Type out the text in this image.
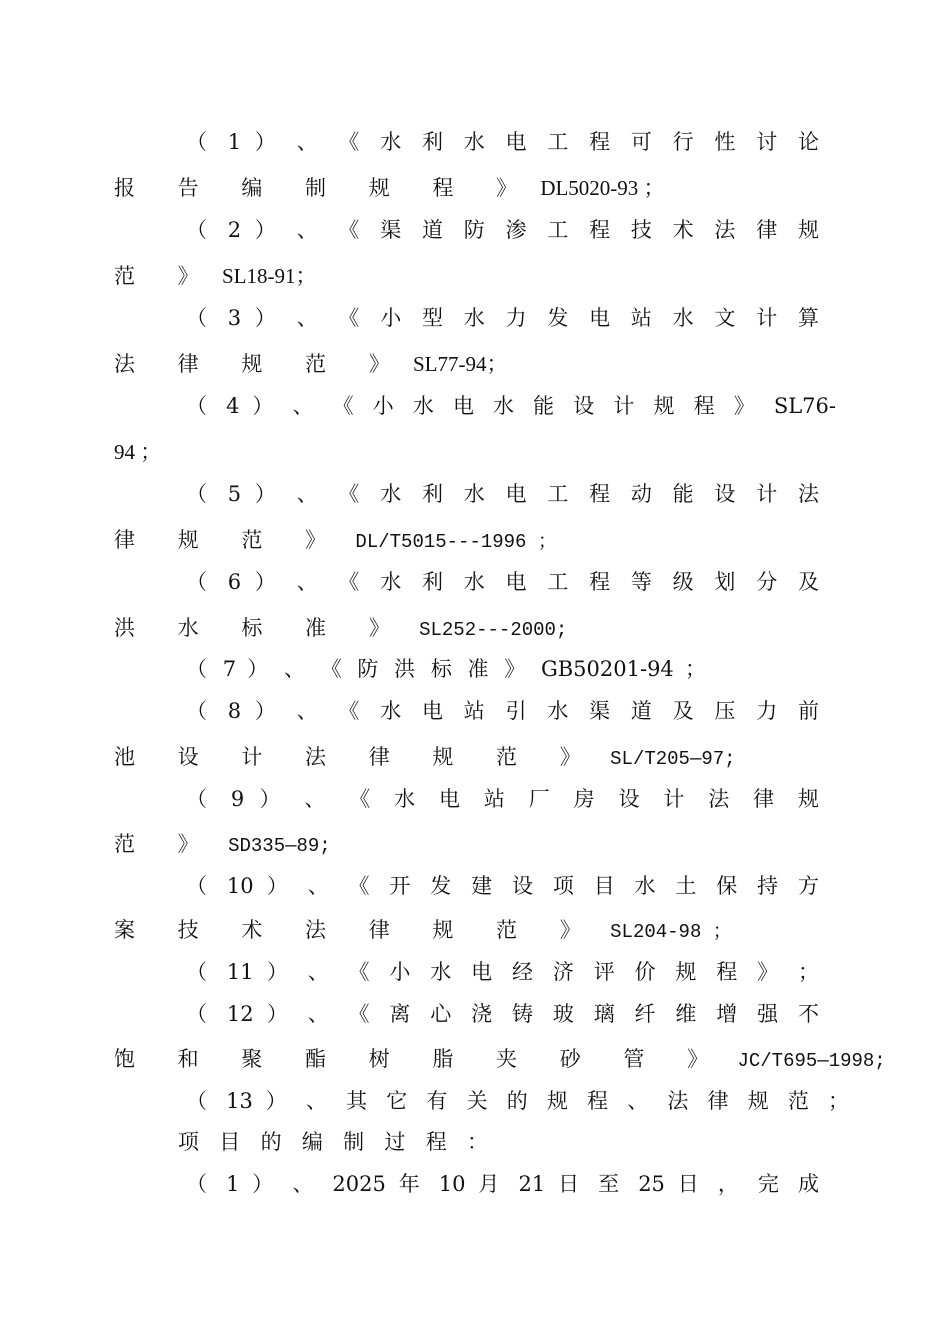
（ 1 ） 、 《 水 利 水 电 工 程 可 行 性 讨 论
报 告 编 制 规 程 》 DL5020-93 ；
（ 2 ） 、 《 渠 道 防 渗 工 程 技 术 法 律 规
范 》 SL18-91；
（ 3 ） 、 《 小 型 水 力 发 电 站 水 文 计 算
法 律 规 范 》 SL77-94；
（ 4 ） 、 《 小 水 电 水 能 设 计 规 程 》 SL76-
94 ；
（ 5 ） 、 《 水 利 水 电 工 程 动 能 设 计 法
律 规 范 》 DL/T5015---1996 ；
（ 6 ） 、 《 水 利 水 电 工 程 等 级 划 分 及
洪 水 标 准 》 SL252---2000;
（ 7 ） 、 《 防 洪 标 准 》 GB50201-94 ；
（ 8 ） 、 《 水 电 站 引 水 渠 道 及 压 力 前
池 设 计 法 律 规 范 》 SL/T205—97;
（ 9 ） 、 《 水 电 站 厂 房 设 计 法 律 规
范 》 SD335—89;
（ 10 ） 、 《 开 发 建 设 项 目 水 土 保 持 方
案 技 术 法 律 规 范 》 SL204-98 ；
（ 11 ） 、 《 小 水 电 经 济 评 价 规 程 》 ；
（ 12 ） 、 《 离 心 浇 铸 玻 璃 纤 维 增 强 不
饱 和 聚 酯 树 脂 夹 砂 管 》 JC/T695—1998;
（ 13 ） 、 其 它 有 关 的 规 程 、 法 律 规 范 ；
项 目 的 编 制 过 程 ：
（ 1 ） 、 2025 年 10 月 21 日 至 25 日 ， 完 成
